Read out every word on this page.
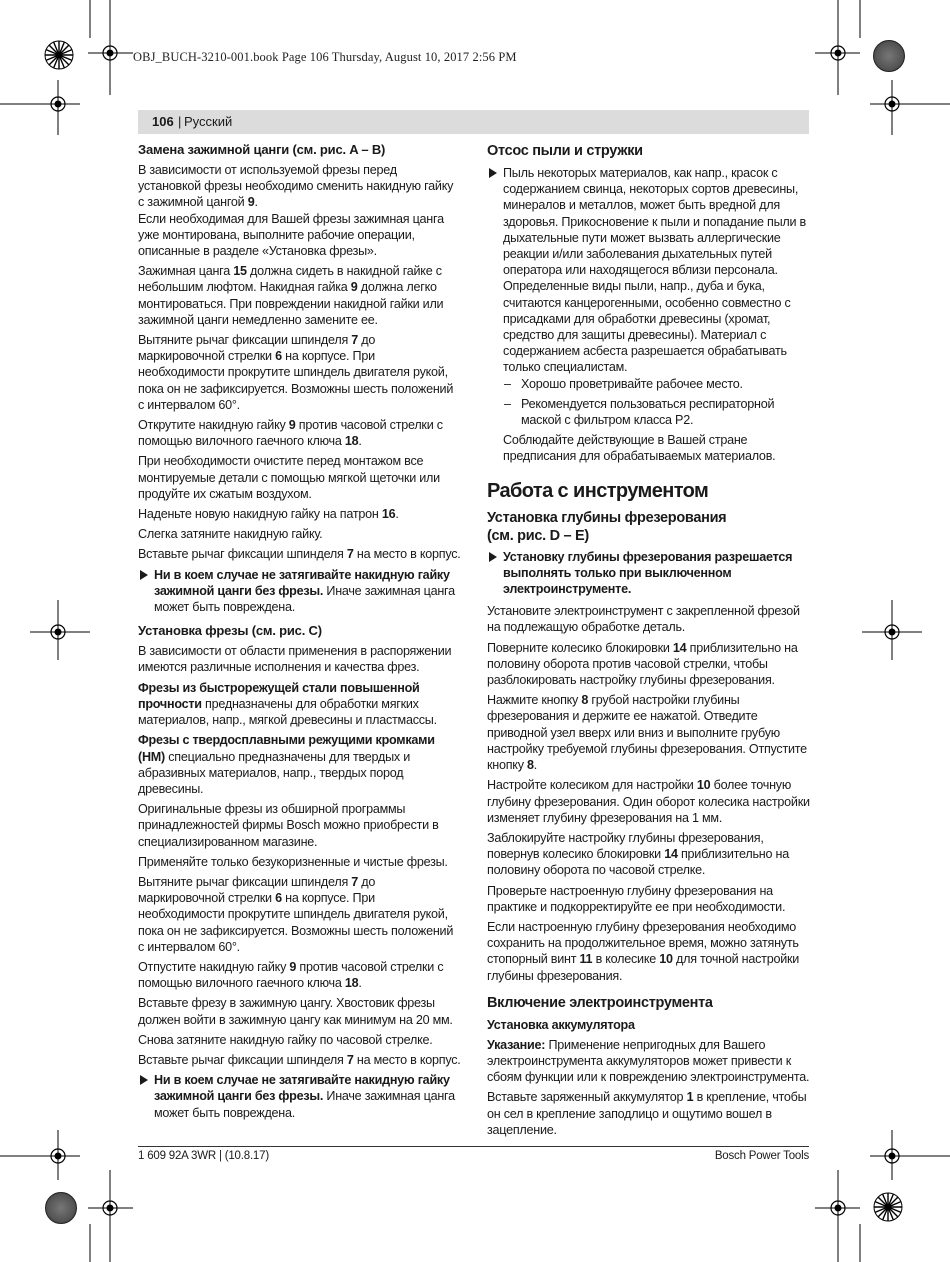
OBJ_BUCH-3210-001.book Page 106 Thursday, August 10, 2017 2:56 PM
106 | Русский
Замена зажимной цанги (см. рис. A – B)

В зависимости от используемой фрезы перед установкой фрезы необходимо сменить накидную гайку с зажимной цангой 9.

Если необходимая для Вашей фрезы зажимная цанга уже монтирована, выполните рабочие операции, описанные в разделе «Установка фрезы».

Зажимная цанга 15 должна сидеть в накидной гайке с небольшим люфтом. Накидная гайка 9 должна легко монтироваться. При повреждении накидной гайки или зажимной цанги немедленно замените ее.

Вытяните рычаг фиксации шпинделя 7 до маркировочной стрелки 6 на корпусе. При необходимости прокрутите шпиндель двигателя рукой, пока он не зафиксируется. Возможны шесть положений с интервалом 60°.

Открутите накидную гайку 9 против часовой стрелки с помощью вилочного гаечного ключа 18.

При необходимости очистите перед монтажом все монтируемые детали с помощью мягкой щеточки или продуйте их сжатым воздухом.

Наденьте новую накидную гайку на патрон 16.

Слегка затяните накидную гайку.

Вставьте рычаг фиксации шпинделя 7 на место в корпус.

Ни в коем случае не затягивайте накидную гайку зажимной цанги без фрезы. Иначе зажимная цанга может быть повреждена.
Установка фрезы (см. рис. C)

В зависимости от области применения в распоряжении имеются различные исполнения и качества фрез.

Фрезы из быстрорежущей стали повышенной прочности предназначены для обработки мягких материалов, напр., мягкой древесины и пластмассы.

Фрезы с твердосплавными режущими кромками (HM) специально предназначены для твердых и абразивных материалов, напр., твердых пород древесины.

Оригинальные фрезы из обширной программы принадлежностей фирмы Bosch можно приобрести в специализированном магазине.

Применяйте только безукоризненные и чистые фрезы.

Вытяните рычаг фиксации шпинделя 7 до маркировочной стрелки 6 на корпусе. При необходимости прокрутите шпиндель двигателя рукой, пока он не зафиксируется. Возможны шесть положений с интервалом 60°.

Отпустите накидную гайку 9 против часовой стрелки с помощью вилочного гаечного ключа 18.

Вставьте фрезу в зажимную цангу. Хвостовик фрезы должен войти в зажимную цангу как минимум на 20 мм.

Снова затяните накидную гайку по часовой стрелке.

Вставьте рычаг фиксации шпинделя 7 на место в корпус.

Ни в коем случае не затягивайте накидную гайку зажимной цанги без фрезы. Иначе зажимная цанга может быть повреждена.
Отсос пыли и стружки
Пыль некоторых материалов, как напр., красок с содержанием свинца, некоторых сортов древесины, минералов и металлов, может быть вредной для здоровья. Прикосновение к пыли и попадание пыли в дыхательные пути может вызвать аллергические реакции и/или заболевания дыхательных путей оператора или находящегося вблизи персонала.

Определенные виды пыли, напр., дуба и бука, считаются канцерогенными, особенно совместно с присадками для обработки древесины (хромат, средство для защиты древесины). Материал с содержанием асбеста разрешается обрабатывать только специалистам.

– Хорошо проветривайте рабочее место.

– Рекомендуется пользоваться респираторной маской с фильтром класса P2.

Соблюдайте действующие в Вашей стране предписания для обрабатываемых материалов.

Работа с инструментом
Установка глубины фрезерования
(см. рис. D – E)
Установку глубины фрезерования разрешается выполнять только при выключенном электроинструменте.

Установите электроинструмент с закрепленной фрезой на подлежащую обработке деталь.

Поверните колесико блокировки 14 приблизительно на половину оборота против часовой стрелки, чтобы разблокировать настройку глубины фрезерования.

Нажмите кнопку 8 грубой настройки глубины фрезерования и держите ее нажатой. Отведите приводной узел вверх или вниз и выполните грубую настройку требуемой глубины фрезерования. Отпустите кнопку 8.

Настройте колесиком для настройки 10 более точную глубину фрезерования. Один оборот колесика настройки изменяет глубину фрезерования на 1 мм.

Заблокируйте настройку глубины фрезерования, повернув колесико блокировки 14 приблизительно на половину оборота по часовой стрелке.

Проверьте настроенную глубину фрезерования на практике и подкорректируйте ее при необходимости.

Если настроенную глубину фрезерования необходимо сохранить на продолжительное время, можно затянуть стопорный винт 11 в колесике 10 для точной настройки глубины фрезерования.

Включение электроинструмента
Установка аккумулятора

Указание: Применение непригодных для Вашего электроинструмента аккумуляторов может привести к сбоям функции или к повреждению электроинструмента.

Вставьте заряженный аккумулятор 1 в крепление, чтобы он сел в крепление заподлицо и ощутимо вошел в зацепление.

1 609 92A 3WR | (10.8.17)	Bosch Power Tools
